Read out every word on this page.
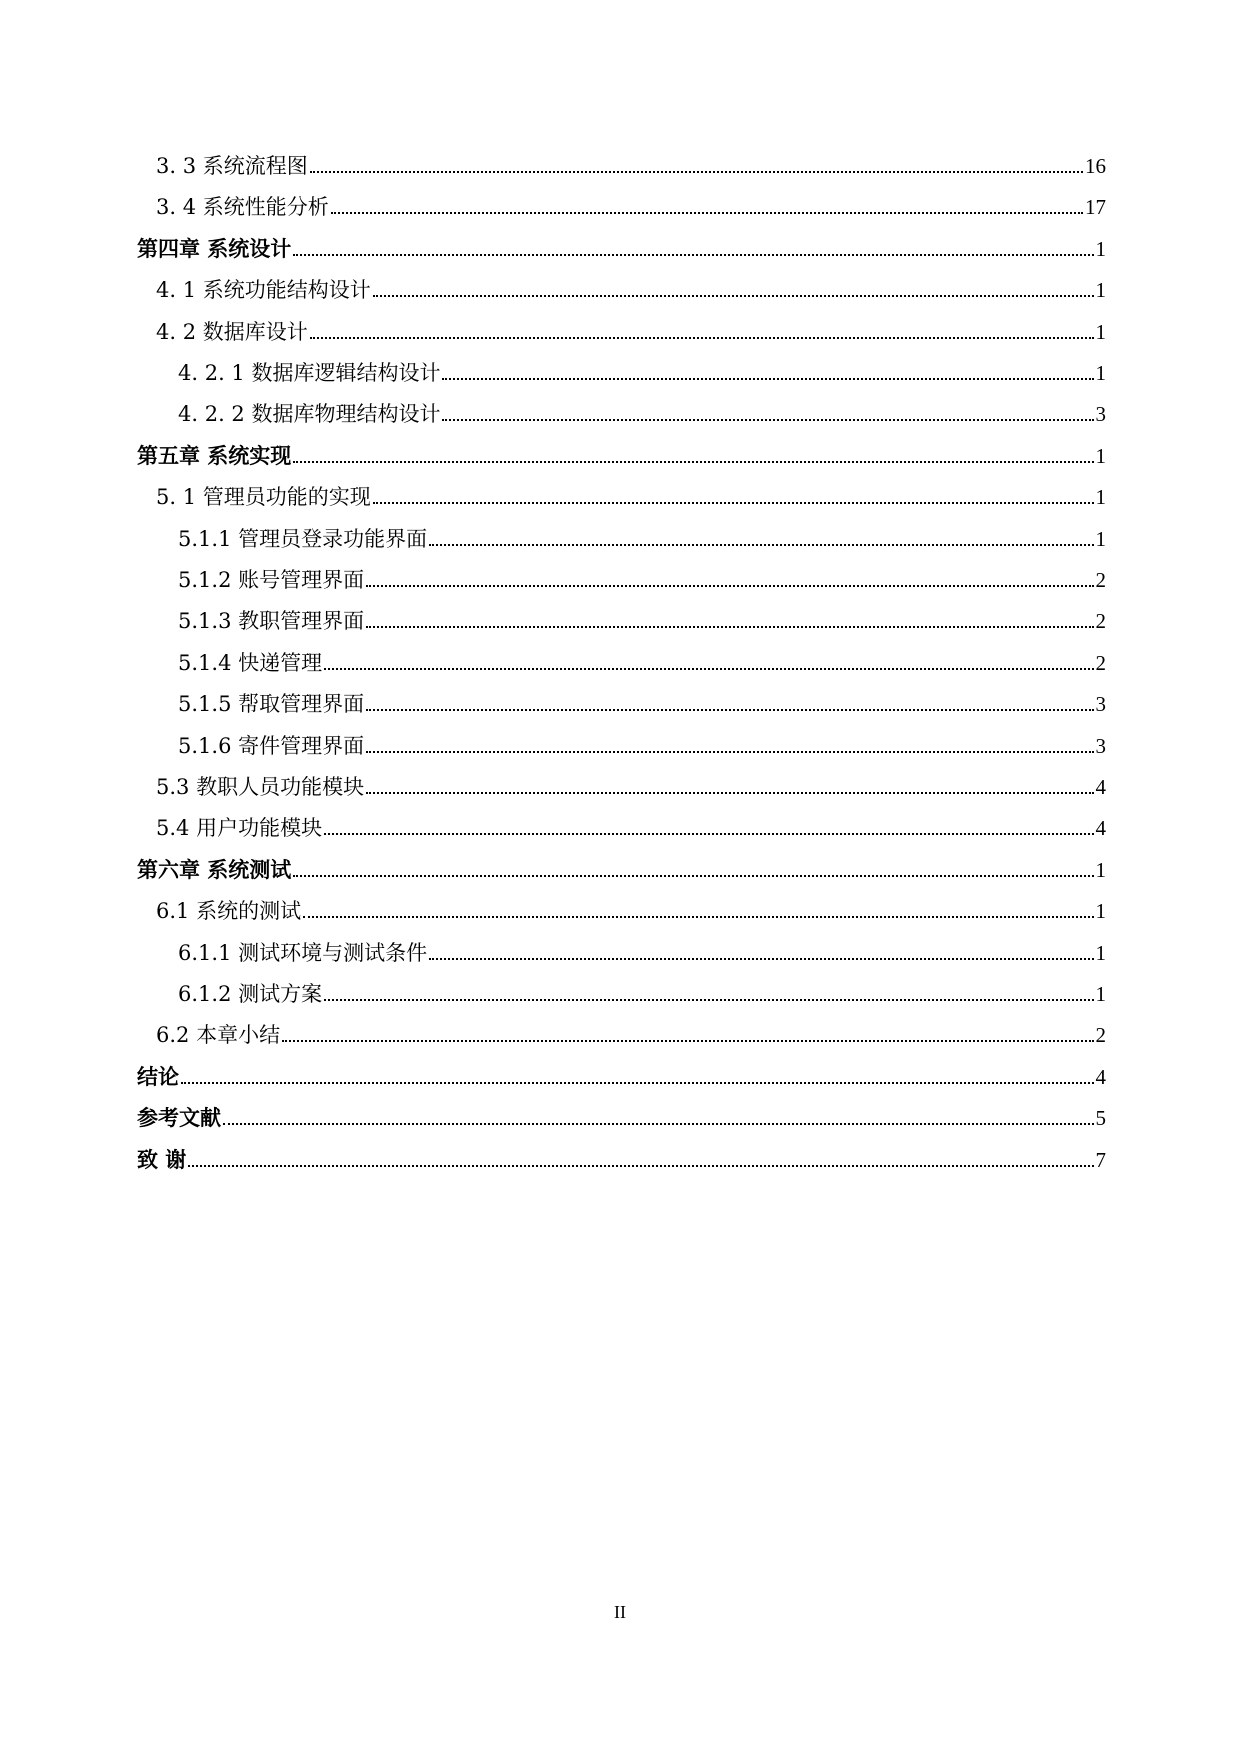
3. 3 系统流程图	16
3. 4 系统性能分析	17
第四章 系统设计	1
4. 1 系统功能结构设计	1
4. 2 数据库设计	1
4. 2. 1 数据库逻辑结构设计	1
4. 2. 2 数据库物理结构设计	3
第五章 系统实现	1
5. 1 管理员功能的实现	1
5.1.1 管理员登录功能界面	1
5.1.2 账号管理界面	2
5.1.3 教职管理界面	2
5.1.4 快递管理	2
5.1.5 帮取管理界面	3
5.1.6 寄件管理界面	3
5.3 教职人员功能模块	4
5.4 用户功能模块	4
第六章 系统测试	1
6.1 系统的测试	1
6.1.1 测试环境与测试条件	1
6.1.2 测试方案	1
6.2 本章小结	2
结论	4
参考文献	5
致 谢	7
II
